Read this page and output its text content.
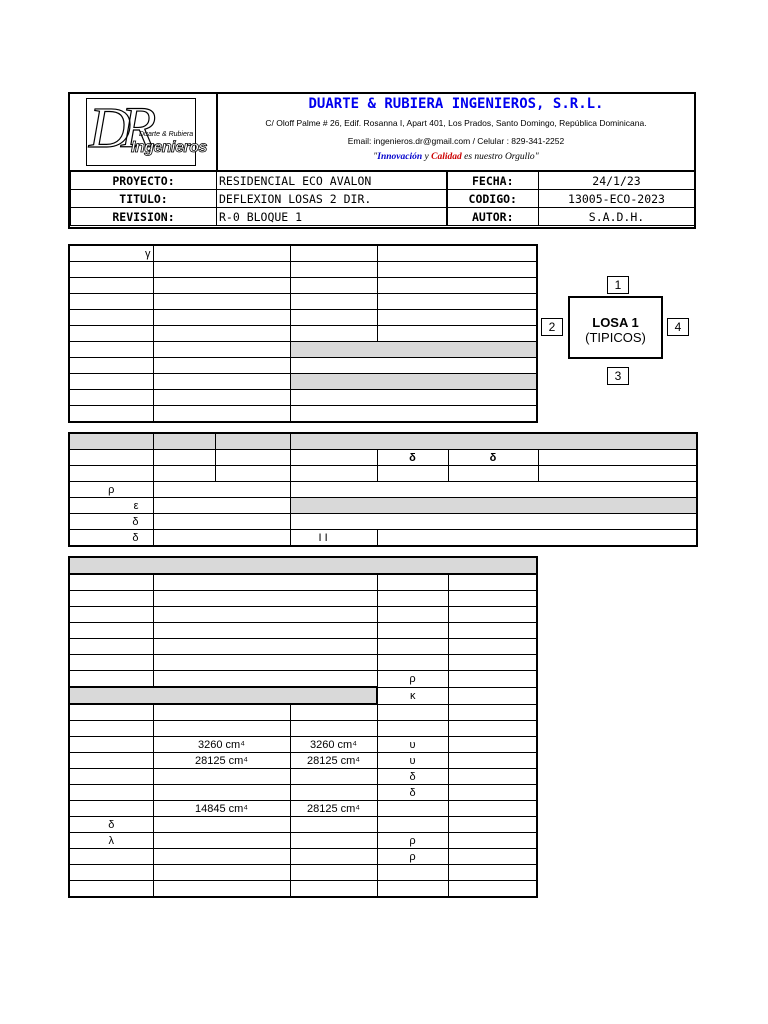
DR
Duarte & Rubiera
Ingenieros
DUARTE & RUBIERA INGENIEROS, S.R.L.
C/ Oloff Palme # 26, Edif. Rosanna I, Apart 401, Los Prados, Santo Domingo, República Dominicana.
Email: ingenieros.dr@gmail.com / Celular : 829-341-2252
"Innovación y Calidad es nuestro Orgullo"
PROYECTO:	RESIDENCIAL ECO AVALON	FECHA:	24/1/23
TITULO:	DEFLEXION LOSAS 2 DIR.	CODIGO:	13005-ECO-2023
REVISION:	R-0 BLOQUE 1	AUTOR:	S.A.D.H.
γ			

1
2	4
3
LOSA 1
(TIPICOS)

				δ	δ	

ρ						
ε						
δ						
δ			I I			

			ρ	
			κ	

	3260 cm⁴	3260 cm⁴	υ	
	28125 cm⁴	28125 cm⁴	υ	
			δ	
			δ	
	14845 cm⁴	28125 cm⁴		
δ				
λ			ρ	
			ρ	
